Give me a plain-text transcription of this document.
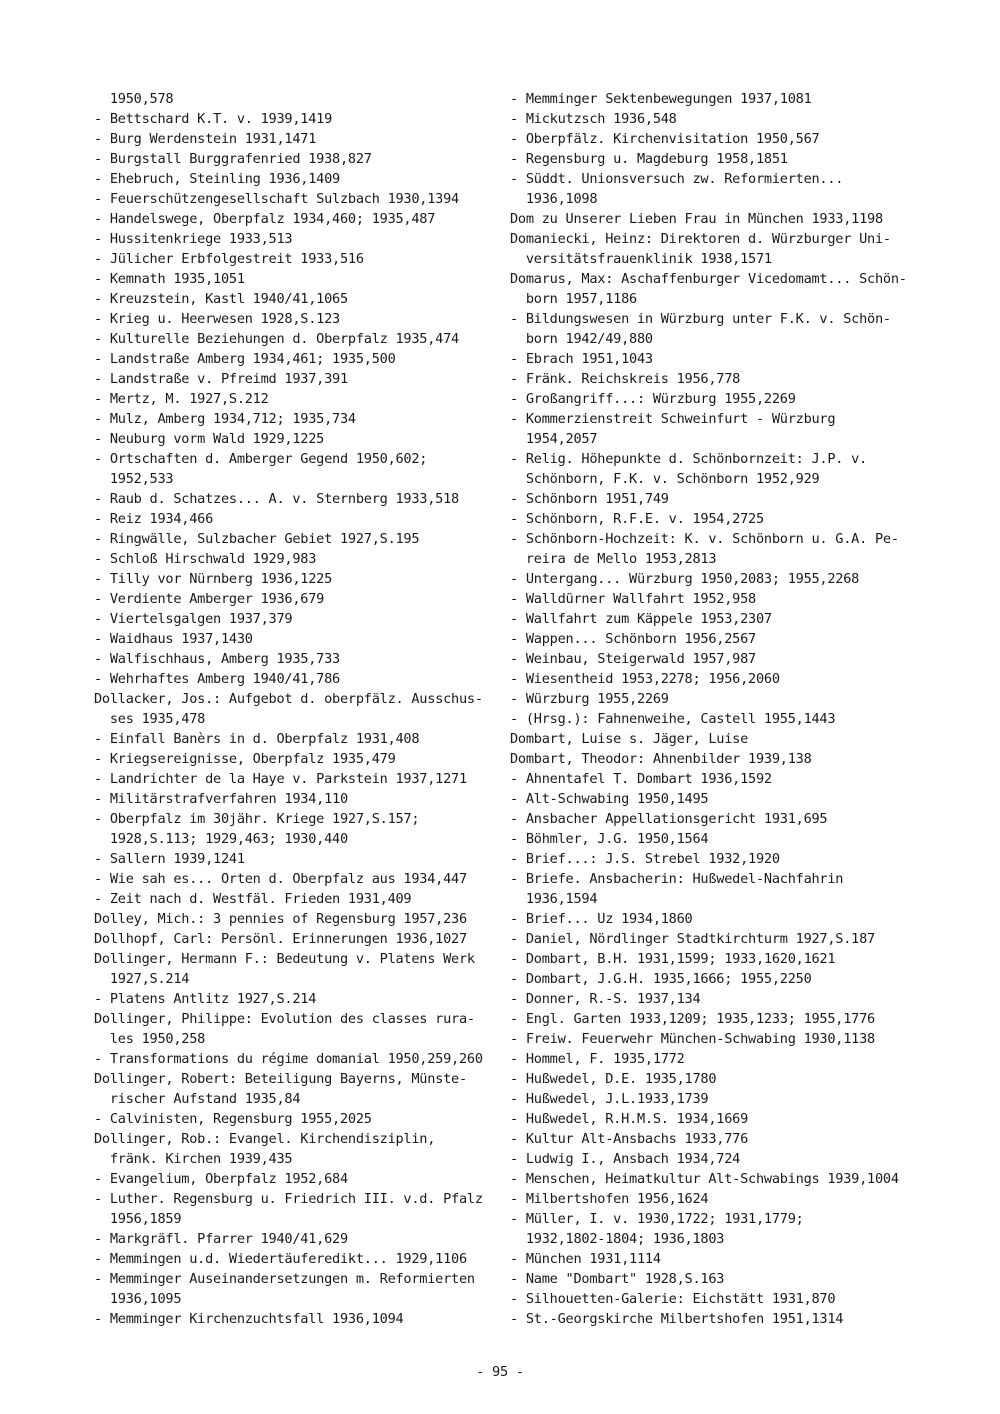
1950,578
- Bettschard K.T. v. 1939,1419
- Burg Werdenstein 1931,1471
- Burgstall Burggrafenried 1938,827
- Ehebruch, Steinling 1936,1409
- Feuerschützengesellschaft Sulzbach 1930,1394
- Handelswege, Oberpfalz 1934,460; 1935,487
- Hussitenkriege 1933,513
- Jülicher Erbfolgestreit 1933,516
- Kemnath 1935,1051
- Kreuzstein, Kastl 1940/41,1065
- Krieg u. Heerwesen 1928,S.123
- Kulturelle Beziehungen d. Oberpfalz 1935,474
- Landstraße Amberg 1934,461; 1935,500
- Landstraße v. Pfreimd 1937,391
- Mertz, M. 1927,S.212
- Mulz, Amberg 1934,712; 1935,734
- Neuburg vorm Wald 1929,1225
- Ortschaften d. Amberger Gegend 1950,602;
1952,533
- Raub d. Schatzes... A. v. Sternberg 1933,518
- Reiz 1934,466
- Ringwälle, Sulzbacher Gebiet 1927,S.195
- Schloß Hirschwald 1929,983
- Tilly vor Nürnberg 1936,1225
- Verdiente Amberger 1936,679
- Viertelsgalgen 1937,379
- Waidhaus 1937,1430
- Walfischhaus, Amberg 1935,733
- Wehrhaftes Amberg 1940/41,786
Dollacker, Jos.: Aufgebot d. oberpfälz. Ausschus-
ses 1935,478
- Einfall Banèrs in d. Oberpfalz 1931,408
- Kriegsereignisse, Oberpfalz 1935,479
- Landrichter de la Haye v. Parkstein 1937,1271
- Militärstrafverfahren 1934,110
- Oberpfalz im 30jähr. Kriege 1927,S.157;
1928,S.113; 1929,463; 1930,440
- Sallern 1939,1241
- Wie sah es... Orten d. Oberpfalz aus 1934,447
- Zeit nach d. Westfäl. Frieden 1931,409
Dolley, Mich.: 3 pennies of Regensburg 1957,236
Dollhopf, Carl: Persönl. Erinnerungen 1936,1027
Dollinger, Hermann F.: Bedeutung v. Platens Werk
1927,S.214
- Platens Antlitz 1927,S.214
Dollinger, Philippe: Evolution des classes rura-
les 1950,258
- Transformations du régime domanial 1950,259,260
Dollinger, Robert: Beteiligung Bayerns, Münste-
rischer Aufstand 1935,84
- Calvinisten, Regensburg 1955,2025
Dollinger, Rob.: Evangel. Kirchendisziplin,
fränk. Kirchen 1939,435
- Evangelium, Oberpfalz 1952,684
- Luther. Regensburg u. Friedrich III. v.d. Pfalz
1956,1859
- Markgräfl. Pfarrer 1940/41,629
- Memmingen u.d. Wiedertäuferedikt... 1929,1106
- Memminger Auseinandersetzungen m. Reformierten
1936,1095
- Memminger Kirchenzuchtsfall 1936,1094
- Memminger Sektenbewegungen 1937,1081
- Mickutzsch 1936,548
- Oberpfälz. Kirchenvisitation 1950,567
- Regensburg u. Magdeburg 1958,1851
- Süddt. Unionsversuch zw. Reformierten...
1936,1098
Dom zu Unserer Lieben Frau in München 1933,1198
Domaniecki, Heinz: Direktoren d. Würzburger Uni-
versitätsfrauenklinik 1938,1571
Domarus, Max: Aschaffenburger Vicedomamt... Schön-
born 1957,1186
- Bildungswesen in Würzburg unter F.K. v. Schön-
born 1942/49,880
- Ebrach 1951,1043
- Fränk. Reichskreis 1956,778
- Großangriff...: Würzburg 1955,2269
- Kommerzienstreit Schweinfurt - Würzburg
1954,2057
- Relig. Höhepunkte d. Schönbornzeit: J.P. v.
Schönborn, F.K. v. Schönborn 1952,929
- Schönborn 1951,749
- Schönborn, R.F.E. v. 1954,2725
- Schönborn-Hochzeit: K. v. Schönborn u. G.A. Pe-
reira de Mello 1953,2813
- Untergang... Würzburg 1950,2083; 1955,2268
- Walldürner Wallfahrt 1952,958
- Wallfahrt zum Käppele 1953,2307
- Wappen... Schönborn 1956,2567
- Weinbau, Steigerwald 1957,987
- Wiesentheid 1953,2278; 1956,2060
- Würzburg 1955,2269
- (Hrsg.): Fahnenweihe, Castell 1955,1443
Dombart, Luise s. Jäger, Luise
Dombart, Theodor: Ahnenbilder 1939,138
- Ahnentafel T. Dombart 1936,1592
- Alt-Schwabing 1950,1495
- Ansbacher Appellationsgericht 1931,695
- Böhmler, J.G. 1950,1564
- Brief...: J.S. Strebel 1932,1920
- Briefe. Ansbacherin: Hußwedel-Nachfahrin
1936,1594
- Brief... Uz 1934,1860
- Daniel, Nördlinger Stadtkirchturm 1927,S.187
- Dombart, B.H. 1931,1599; 1933,1620,1621
- Dombart, J.G.H. 1935,1666; 1955,2250
- Donner, R.-S. 1937,134
- Engl. Garten 1933,1209; 1935,1233; 1955,1776
- Freiw. Feuerwehr München-Schwabing 1930,1138
- Hommel, F. 1935,1772
- Hußwedel, D.E. 1935,1780
- Hußwedel, J.L.1933,1739
- Hußwedel, R.H.M.S. 1934,1669
- Kultur Alt-Ansbachs 1933,776
- Ludwig I., Ansbach 1934,724
- Menschen, Heimatkultur Alt-Schwabings 1939,1004
- Milbertshofen 1956,1624
- Müller, I. v. 1930,1722; 1931,1779;
1932,1802-1804; 1936,1803
- München 1931,1114
- Name "Dombart" 1928,S.163
- Silhouetten-Galerie: Eichstätt 1931,870
- St.-Georgskirche Milbertshofen 1951,1314
- 95 -
